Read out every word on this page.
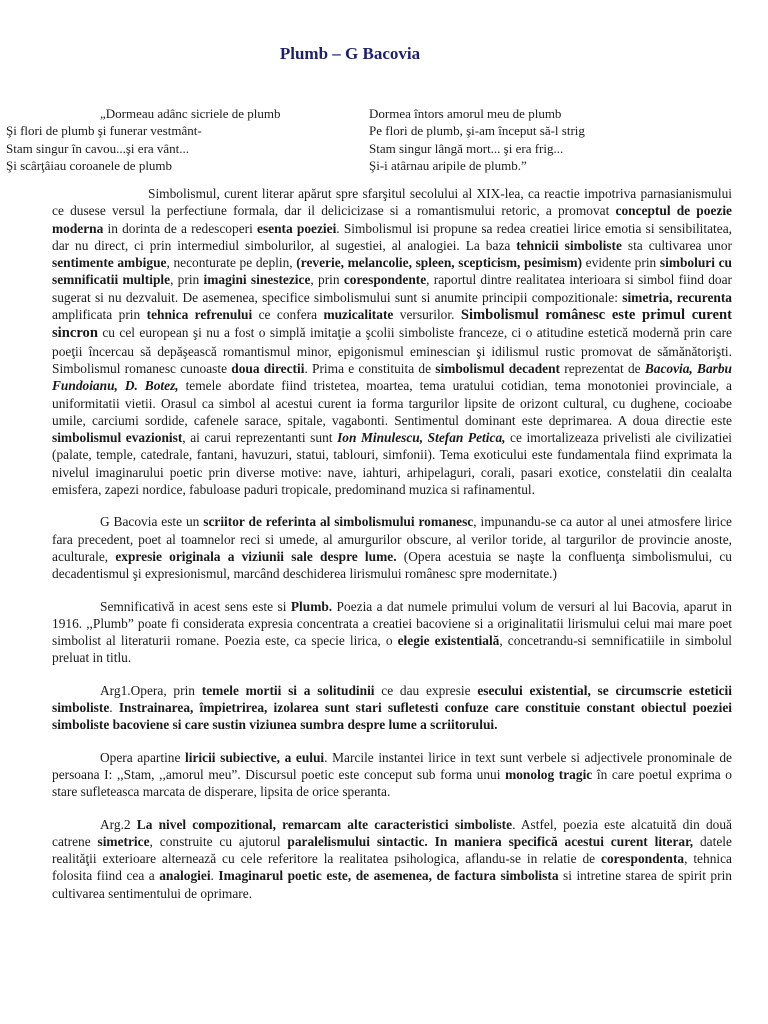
Plumb – G Bacovia
„Dormeau adânc sicriele de plumb
Şi flori de plumb şi funerar vestmânt-
Stam singur în cavou...şi era vânt...
Şi scârţâiau coroanele de plumb
Dormea întors amorul meu de plumb
Pe flori de plumb, şi-am început să-l strig
Stam singur lângă mort... şi era frig...
Şi-i atârnau aripile de plumb.”

Simbolismul, curent literar apărut spre sfarşitul secolului al XIX-lea, ca reactie impotriva parnasianismului ce dusese versul la perfectiune formala, dar il delicicizase si a romantismului retoric, a promovat conceptul de poezie moderna in dorinta de a redescoperi esenta poeziei. Simbolismul isi propune sa redea creatiei lirice emotia si sensibilitatea, dar nu direct, ci prin intermediul simbolurilor, al sugestiei, al analogiei. La baza tehnicii simboliste sta cultivarea unor sentimente ambigue, neconturate pe deplin, (reverie, melancolie, spleen, scepticism, pesimism) evidente prin simboluri cu semnificatii multiple, prin imagini sinestezice, prin corespondente, raportul dintre realitatea interioara si simbol fiind doar sugerat si nu dezvaluit. De asemenea, specifice simbolismului sunt si anumite principii compozitionale: simetria, recurenta amplificata prin tehnica refrenului ce confera muzicalitate versurilor. Simbolismul românesc este primul curent sincron cu cel european şi nu a fost o simplă imitaţie a şcolii simboliste franceze, ci o atitudine estetică modernă prin care poeţii încercau să depăşească romantismul minor, epigonismul eminescian şi idilismul rustic promovat de sămănătorişti. Simbolismul romanesc cunoaste doua directii. Prima e constituita de simbolismul decadent reprezentat de Bacovia, Barbu Fundoianu, D. Botez, temele abordate fiind tristetea, moartea, tema uratului cotidian, tema monotoniei provinciale, a uniformitatii vietii. Orasul ca simbol al acestui curent ia forma targurilor lipsite de orizont cultural, cu dughene, cocioabe umile, carciumi sordide, cafenele sarace, spitale, vagabonti. Sentimentul dominant este deprimarea. A doua directie este simbolismul evazionist, ai carui reprezentanti sunt Ion Minulescu, Stefan Petica, ce imortalizeaza privelisti ale civilizatiei (palate, temple, catedrale, fantani, havuzuri, statui, tablouri, simfonii). Tema exoticului este fundamentala fiind exprimata la nivelul imaginarului poetic prin diverse motive: nave, iahturi, arhipelaguri, corali, pasari exotice, constelatii din cealalta emisfera, zapezi nordice, fabuloase paduri tropicale, predominand muzica si rafinamentul.

G Bacovia este un scriitor de referinta al simbolismului romanesc, impunandu-se ca autor al unei atmosfere lirice fara precedent, poet al toamnelor reci si umede, al amurgurilor obscure, al verilor toride, al targurilor de provincie anoste, aculturale, expresie originala a viziunii sale despre lume. (Opera acestuia se naşte la confluenţa simbolismului, cu decadentismul şi expresionismul, marcând deschiderea lirismului românesc spre modernitate.)

Semnificativă in acest sens este si Plumb. Poezia a dat numele primului volum de versuri al lui Bacovia, aparut in 1916. ,,Plumb” poate fi considerata expresia concentrata a creatiei bacoviene si a originalitatii lirismului celui mai mare poet simbolist al literaturii romane. Poezia este, ca specie lirica, o elegie existentială, concetrandu-si semnificatiile in simbolul preluat in titlu.

Arg1.Opera, prin temele mortii si a solitudinii ce dau expresie esecului existential, se circumscrie esteticii simboliste. Instrainarea, împietrirea, izolarea sunt stari sufletesti confuze care constituie constant obiectul poeziei simboliste bacoviene si care sustin viziunea sumbra despre lume a scriitorului.

Opera apartine liricii subiective, a eului. Marcile instantei lirice in text sunt verbele si adjectivele pronominale de persoana I: ,,Stam, ,,amorul meu”. Discursul poetic este conceput sub forma unui monolog tragic în care poetul exprima o stare sufleteasca marcata de disperare, lipsita de orice speranta.

Arg.2 La nivel compozitional, remarcam alte caracteristici simboliste. Astfel, poezia este alcatuită din două catrene simetrice, construite cu ajutorul paralelismului sintactic. In maniera specifică acestui curent literar, datele realităţii exterioare alternează cu cele referitore la realitatea psihologica, aflandu-se in relatie de corespondenta, tehnica folosita fiind cea a analogiei. Imaginarul poetic este, de asemenea, de factura simbolista si intretine starea de spirit prin cultivarea sentimentului de oprimare.
